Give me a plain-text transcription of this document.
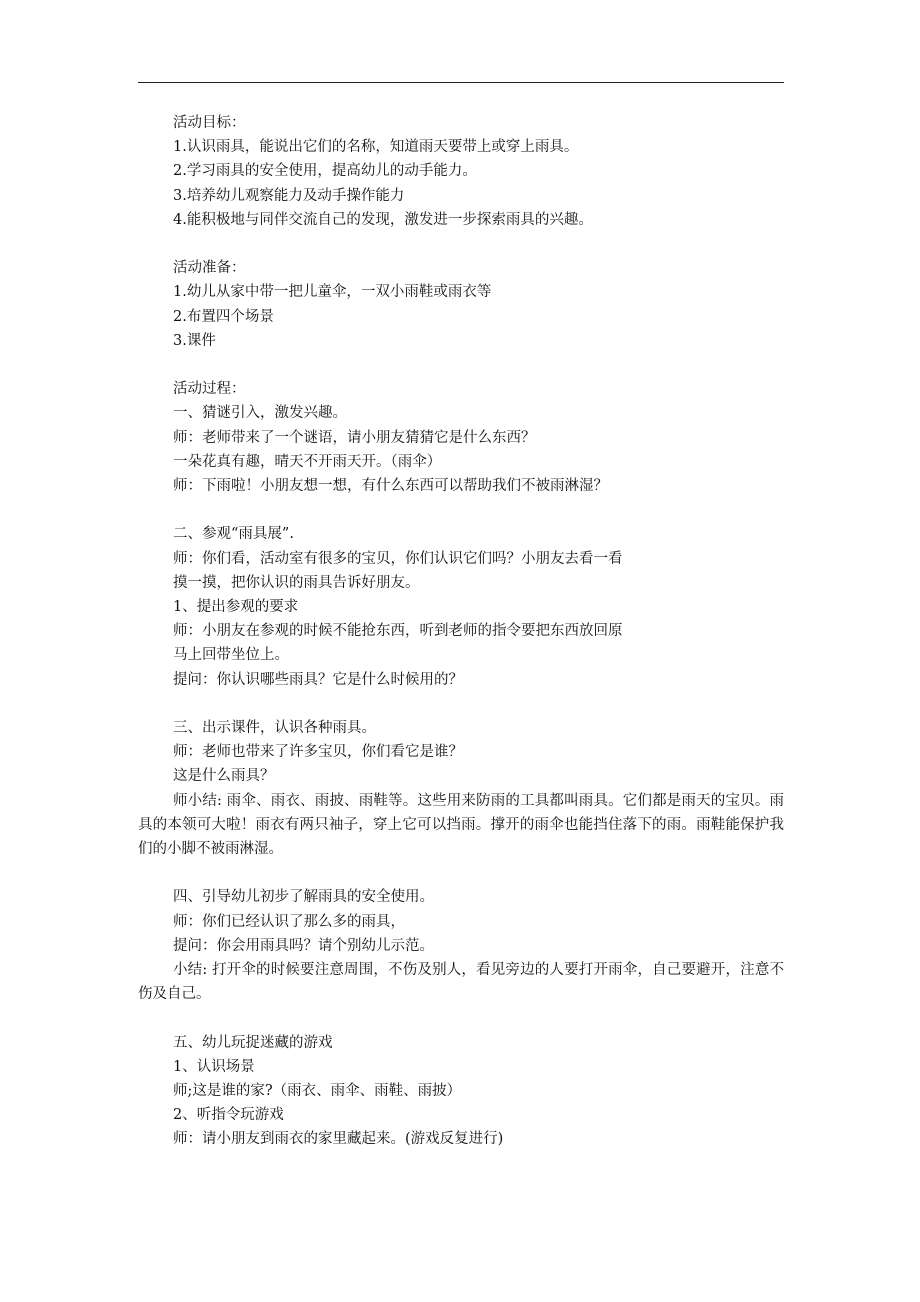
活动目标：

1.认识雨具，能说出它们的名称，知道雨天要带上或穿上雨具。

2.学习雨具的安全使用，提高幼儿的动手能力。

3.培养幼儿观察能力及动手操作能力

4.能积极地与同伴交流自己的发现，激发进一步探索雨具的兴趣。

活动准备：

1.幼儿从家中带一把儿童伞，一双小雨鞋或雨衣等

2.布置四个场景

3.课件

活动过程：

一、猜谜引入，激发兴趣。

师：老师带来了一个谜语，请小朋友猜猜它是什么东西？

一朵花真有趣，晴天不开雨天开。（雨伞）

师：下雨啦！小朋友想一想，有什么东西可以帮助我们不被雨淋湿？

二、参观“雨具展”.

师：你们看，活动室有很多的宝贝，你们认识它们吗？小朋友去看一看

摸一摸，把你认识的雨具告诉好朋友。

1、提出参观的要求

师：小朋友在参观的时候不能抢东西，听到老师的指令要把东西放回原

马上回带坐位上。

提问：你认识哪些雨具？它是什么时候用的？

三、出示课件，认识各种雨具。

师：老师也带来了许多宝贝，你们看它是谁？

这是什么雨具？

师小结: 雨伞、雨衣、雨披、雨鞋等。这些用来防雨的工具都叫雨具。它们都是雨天的宝贝。雨具的本领可大啦！雨衣有两只袖子，穿上它可以挡雨。撑开的雨伞也能挡住落下的雨。雨鞋能保护我们的小脚不被雨淋湿。

四、引导幼儿初步了解雨具的安全使用。

师：你们已经认识了那么多的雨具，

提问：你会用雨具吗？请个别幼儿示范。

小结: 打开伞的时候要注意周围，不伤及别人，看见旁边的人要打开雨伞，自己要避开，注意不伤及自己。

五、幼儿玩捉迷藏的游戏

1、认识场景

师;这是谁的家?（雨衣、雨伞、雨鞋、雨披）

2、听指令玩游戏

师：请小朋友到雨衣的家里藏起来。(游戏反复进行)
